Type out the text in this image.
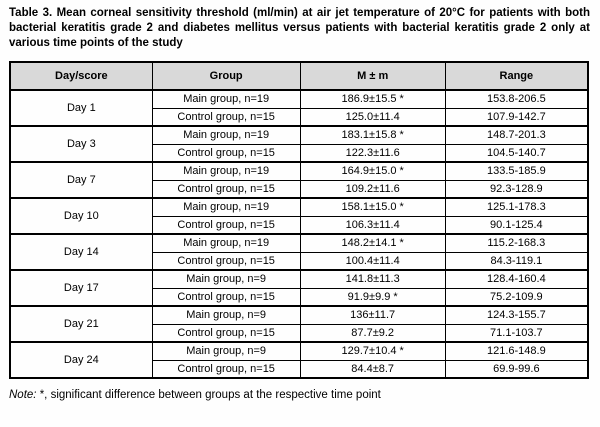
Table 3. Mean corneal sensitivity threshold (ml/min) at air jet temperature of 20°C for patients with both bacterial keratitis grade 2 and diabetes mellitus versus patients with bacterial keratitis grade 2 only at various time points of the study

Day/score	Group	M ± m	Range
Day 1	Main group, n=19	186.9±15.5 *	153.8-206.5
	Control group, n=15	125.0±11.4	107.9-142.7
Day 3	Main group, n=19	183.1±15.8 *	148.7-201.3
	Control group, n=15	122.3±11.6	104.5-140.7
Day 7	Main group, n=19	164.9±15.0 *	133.5-185.9
	Control group, n=15	109.2±11.6	92.3-128.9
Day 10	Main group, n=19	158.1±15.0 *	125.1-178.3
	Control group, n=15	106.3±11.4	90.1-125.4
Day 14	Main group, n=19	148.2±14.1 *	115.2-168.3
	Control group, n=15	100.4±11.4	84.3-119.1
Day 17	Main group, n=9	141.8±11.3	128.4-160.4
	Control group, n=15	91.9±9.9 *	75.2-109.9
Day 21	Main group, n=9	136±11.7	124.3-155.7
	Control group, n=15	87.7±9.2	71.1-103.7
Day 24	Main group, n=9	129.7±10.4 *	121.6-148.9
	Control group, n=15	84.4±8.7	69.9-99.6

Note: *, significant difference between groups at the respective time point
